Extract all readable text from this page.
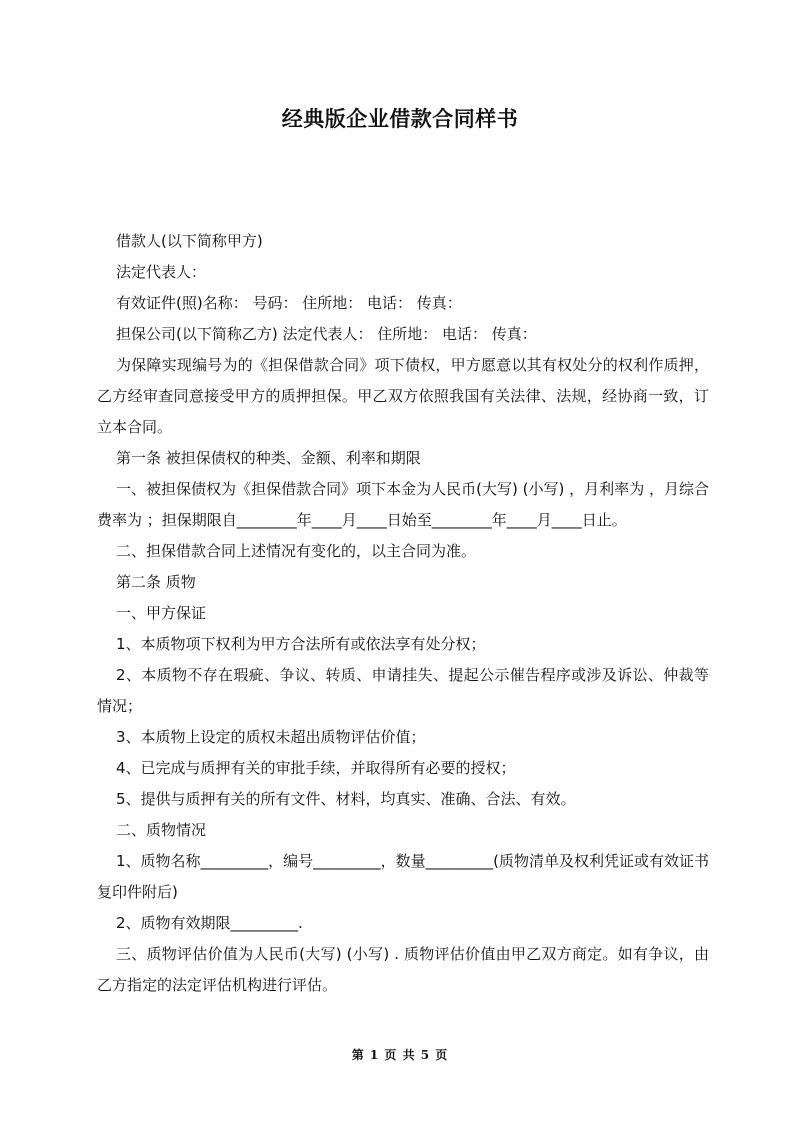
经典版企业借款合同样书

借款人(以下简称甲方)

法定代表人：

有效证件(照)名称： 号码： 住所地： 电话： 传真：

担保公司(以下简称乙方) 法定代表人： 住所地： 电话： 传真：

为保障实现编号为的《担保借款合同》项下债权，甲方愿意以其有权处分的权利作质押，乙方经审查同意接受甲方的质押担保。甲乙双方依照我国有关法律、法规，经协商一致，订立本合同。

第一条 被担保债权的种类、金额、利率和期限

一、被担保债权为《担保借款合同》项下本金为人民币(大写) (小写) ，月利率为 ，月综合费率为 ；担保期限自________年____月____日始至________年____月____日止。

二、担保借款合同上述情况有变化的，以主合同为准。

第二条 质物

一、甲方保证

1、本质物项下权利为甲方合法所有或依法享有处分权；

2、本质物不存在瑕疵、争议、转质、申请挂失、提起公示催告程序或涉及诉讼、仲裁等情况；

3、本质物上设定的质权未超出质物评估价值；

4、已完成与质押有关的审批手续，并取得所有必要的授权；

5、提供与质押有关的所有文件、材料，均真实、准确、合法、有效。

二、质物情况

1、质物名称_________，编号_________，数量_________(质物清单及权利凭证或有效证书复印件附后)

2、质物有效期限_________.

三、质物评估价值为人民币(大写) (小写) . 质物评估价值由甲乙双方商定。如有争议，由乙方指定的法定评估机构进行评估。

第 1 页 共 5 页
